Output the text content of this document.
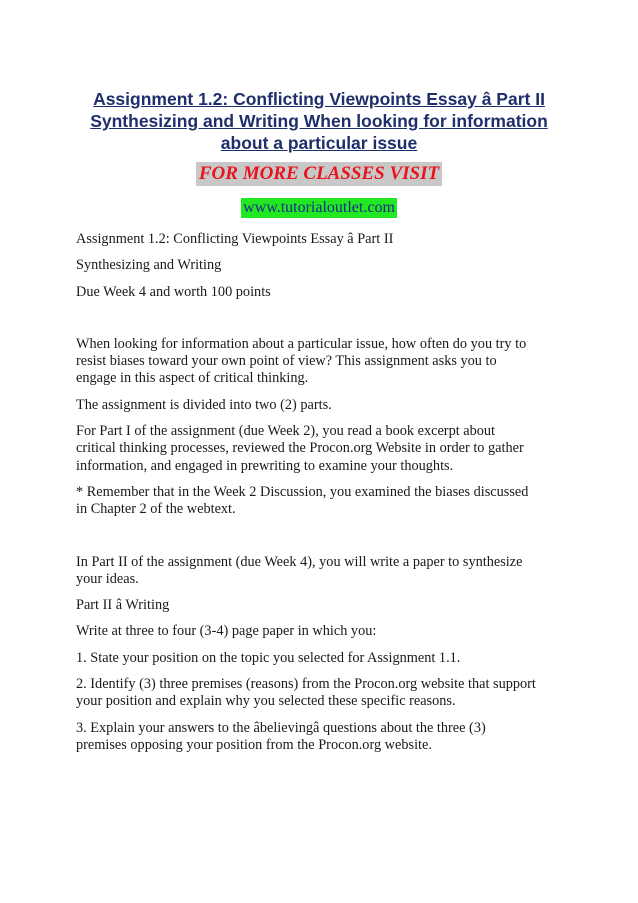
Assignment 1.2: Conflicting Viewpoints Essay â Part II
Synthesizing and Writing When looking for information
about a particular issue
FOR MORE CLASSES VISIT
www.tutorialoutlet.com

Assignment 1.2: Conflicting Viewpoints Essay â Part II

Synthesizing and Writing

Due Week 4 and worth 100 points

When looking for information about a particular issue, how often do you try to
resist biases toward your own point of view? This assignment asks you to
engage in this aspect of critical thinking.

The assignment is divided into two (2) parts.

For Part I of the assignment (due Week 2), you read a book excerpt about
critical thinking processes, reviewed the Procon.org Website in order to gather
information, and engaged in prewriting to examine your thoughts.

* Remember that in the Week 2 Discussion, you examined the biases discussed
in Chapter 2 of the webtext.

In Part II of the assignment (due Week 4), you will write a paper to synthesize
your ideas.

Part II â Writing

Write at three to four (3-4) page paper in which you:

1. State your position on the topic you selected for Assignment 1.1.

2. Identify (3) three premises (reasons) from the Procon.org website that support
your position and explain why you selected these specific reasons.

3. Explain your answers to the âbelievingâ questions about the three (3)
premises opposing your position from the Procon.org website.
